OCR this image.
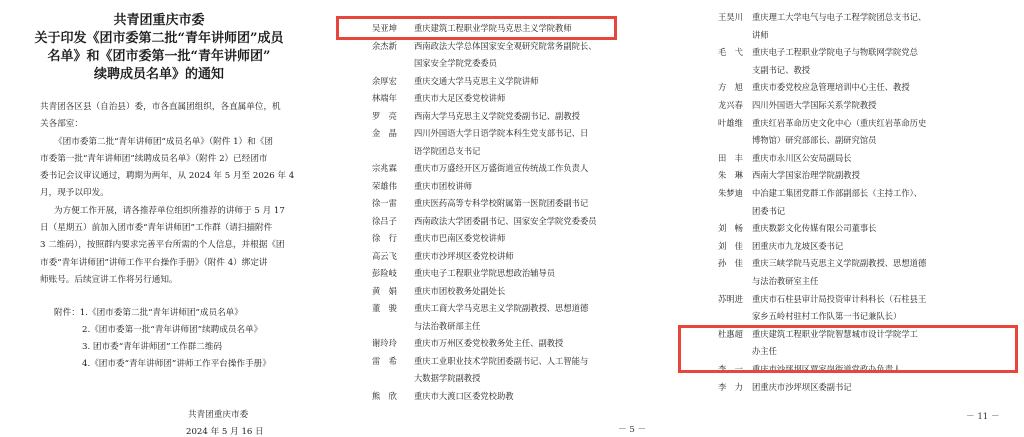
共青团重庆市委
关于印发《团市委第二批“青年讲师团”成员
名单》和《团市委第一批“青年讲师团”
续聘成员名单》的通知
共青团各区县（自治县）委，市各直属团组织，各直属单位，机
关各部室：
《团市委第二批“青年讲师团”成员名单》（附件 1）和《团
市委第一批“青年讲师团”续聘成员名单》（附件 2）已经团市
委书记会议审议通过，聘期为两年，从 2024 年 5 月至 2026 年 4
月，现予以印发。
为方便工作开展，请各推荐单位组织所推荐的讲师于 5 月 17
日（星期五）前加入团市委“青年讲师团”工作群（请扫描附件
3 二维码），按照群内要求完善平台所需的个人信息，并根据《团
市委“青年讲师团”讲师工作平台操作手册》（附件 4）绑定讲
师账号。后续宣讲工作将另行通知。
附件：1.《团市委第二批“青年讲师团”成员名单》
2.《团市委第一批“青年讲师团”续聘成员名单》
3. 团市委“青年讲师团”工作群二维码
4.《团市委“青年讲师团”讲师工作平台操作手册》
共青团重庆市委
2024 年 5 月 16 日
吴亚坤	重庆建筑工程职业学院马克思主义学院教师
余杰新	西南政法大学总体国家安全观研究院常务副院长、
国家安全学院党委委员
余厚宏	重庆交通大学马克思主义学院讲师
林端年	重庆市大足区委党校讲师
罗　亮	西南大学马克思主义学院党委副书记、副教授
金　晶	四川外国语大学日语学院本科生党支部书记、日
语学院团总支书记
宗兆霖	重庆市万盛经开区万盛街道宣传统战工作负责人
荣雄伟	重庆市团校讲师
徐一雷	重庆医药高等专科学校附属第一医院团委副书记
徐吕子	西南政法大学团委副书记、国家安全学院党委委员
徐　行	重庆市巴南区委党校讲师
高云飞	重庆市沙坪坝区委党校讲师
彭险岐	重庆电子工程职业学院思想政治辅导员
黄　娟	重庆市团校教务处副处长
董　骏	重庆工商大学马克思主义学院副教授、思想道德
与法治教研部主任
谢玲玲	重庆市万州区委党校教务处主任、副教授
雷　希	重庆工业职业技术学院团委副书记、人工智能与
大数据学院副教授
熊　欣	重庆市大渡口区委党校助教
－ 5 －
王昊川	重庆理工大学电气与电子工程学院团总支书记、
讲师
毛　弋	重庆电子工程职业学院电子与物联网学院党总
支副书记、教授
方　旭	重庆市委党校应急管理培训中心主任、教授
龙兴春	四川外国语大学国际关系学院教授
叶雄维	重庆红岩革命历史文化中心（重庆红岩革命历史
博物馆）研究部部长、副研究馆员
田　丰	重庆市永川区公安局副局长
朱　琳	西南大学国家治理学院副教授
朱梦迪	中冶建工集团党群工作部副部长（主持工作）、
团委书记
刘　畅	重庆数影文化传媒有限公司董事长
刘　佳	团重庆市九龙坡区委书记
孙　佳	重庆三峡学院马克思主义学院副教授、思想道德
与法治教研室主任
苏明进	重庆市石柱县审计局投资审计科科长（石柱县王
家乡五岭村驻村工作队第一书记兼队长）
杜惠超	重庆建筑工程职业学院智慧城市设计学院学工
办主任
李　一	重庆市沙坪坝区覃家岗街道党政办负责人
李　力	团重庆市沙坪坝区委副书记
－ 11 －
